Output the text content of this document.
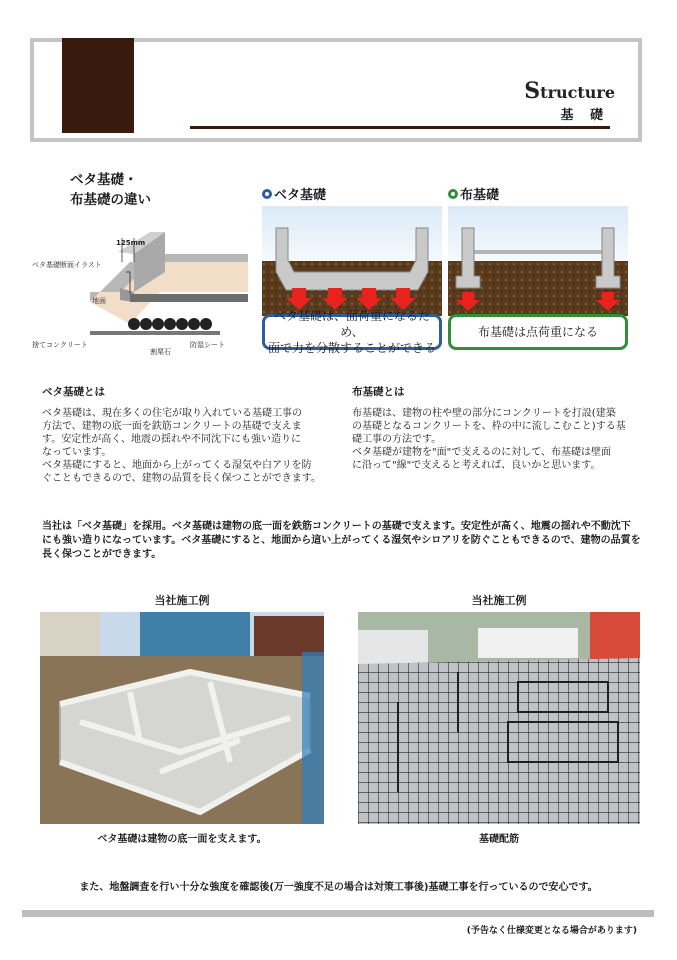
Structure
基 礎
ベタ基礎・
布基礎の違い
125mm
ベタ基礎断面イラスト
地面
捨てコンクリート
割栗石
防湿シート
ベタ基礎
ベタ基礎は、面荷重になるため、
面で力を分散することができる
布基礎
布基礎は点荷重になる
ベタ基礎とは
ベタ基礎は、現在多くの住宅が取り入れている基礎工事の
方法で、建物の底一面を鉄筋コンクリートの基礎で支えま
す。安定性が高く、地震の揺れや不同沈下にも強い造りに
なっています。
ベタ基礎にすると、地面から上がってくる湿気や白アリを防
ぐこともできるので、建物の品質を長く保つことができます。
布基礎とは
布基礎は、建物の柱や壁の部分にコンクリートを打設(建築
の基礎となるコンクリートを、枠の中に流しこむこと)する基
礎工事の方法です。
ベタ基礎が建物を"面"で支えるのに対して、布基礎は壁面
に沿って"線"で支えると考えれば、良いかと思います。
当社は「ベタ基礎」を採用。ベタ基礎は建物の底一面を鉄筋コンクリートの基礎で支えます。安定性が高く、地震の揺れや不動沈下
にも強い造りになっています。ベタ基礎にすると、地面から這い上がってくる湿気やシロアリを防ぐこともできるので、建物の品質を
長く保つことができます。
当社施工例
ベタ基礎は建物の底一面を支えます。
当社施工例
基礎配筋
また、地盤調査を行い十分な強度を確認後(万一強度不足の場合は対策工事後)基礎工事を行っているので安心です。
(予告なく仕様変更となる場合があります)
